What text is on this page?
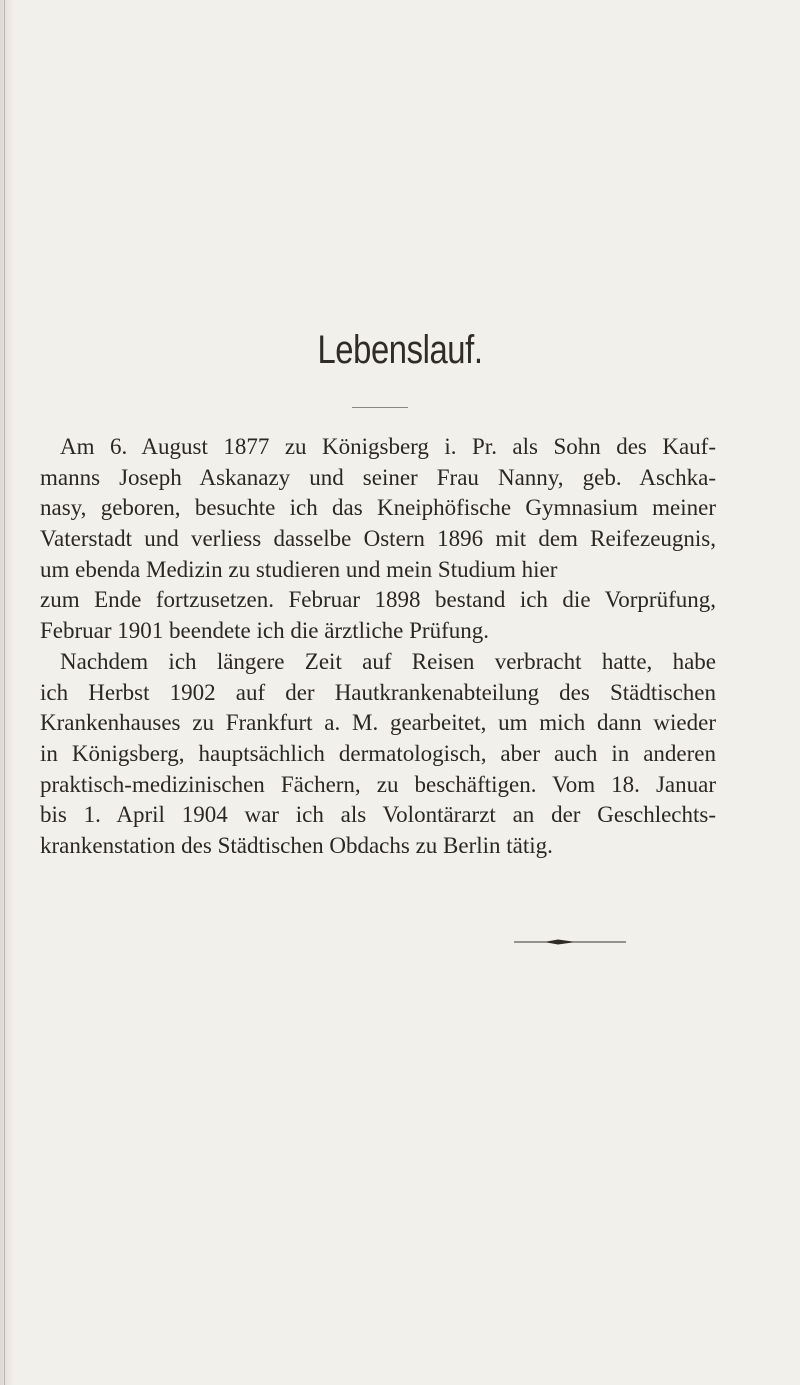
Lebenslauf.
Am 6. August 1877 zu Königsberg i. Pr. als Sohn des Kauf-
manns Joseph Askanazy und seiner Frau Nanny, geb. Aschka-
nasy, geboren, besuchte ich das Kneiphöfische Gymnasium meiner
Vaterstadt und verliess dasselbe Ostern 1896 mit dem Reifezeugnis,
um ebenda Medizin zu studieren und mein Studium hier
zum Ende fortzusetzen. Februar 1898 bestand ich die Vorprüfung,
Februar 1901 beendete ich die ärztliche Prüfung.
Nachdem ich längere Zeit auf Reisen verbracht hatte, habe
ich Herbst 1902 auf der Hautkrankenabteilung des Städtischen
Krankenhauses zu Frankfurt a. M. gearbeitet, um mich dann wieder
in Königsberg, hauptsächlich dermatologisch, aber auch in anderen
praktisch-medizinischen Fächern, zu beschäftigen. Vom 18. Januar
bis 1. April 1904 war ich als Volontärarzt an der Geschlechts-
krankenstation des Städtischen Obdachs zu Berlin tätig.
